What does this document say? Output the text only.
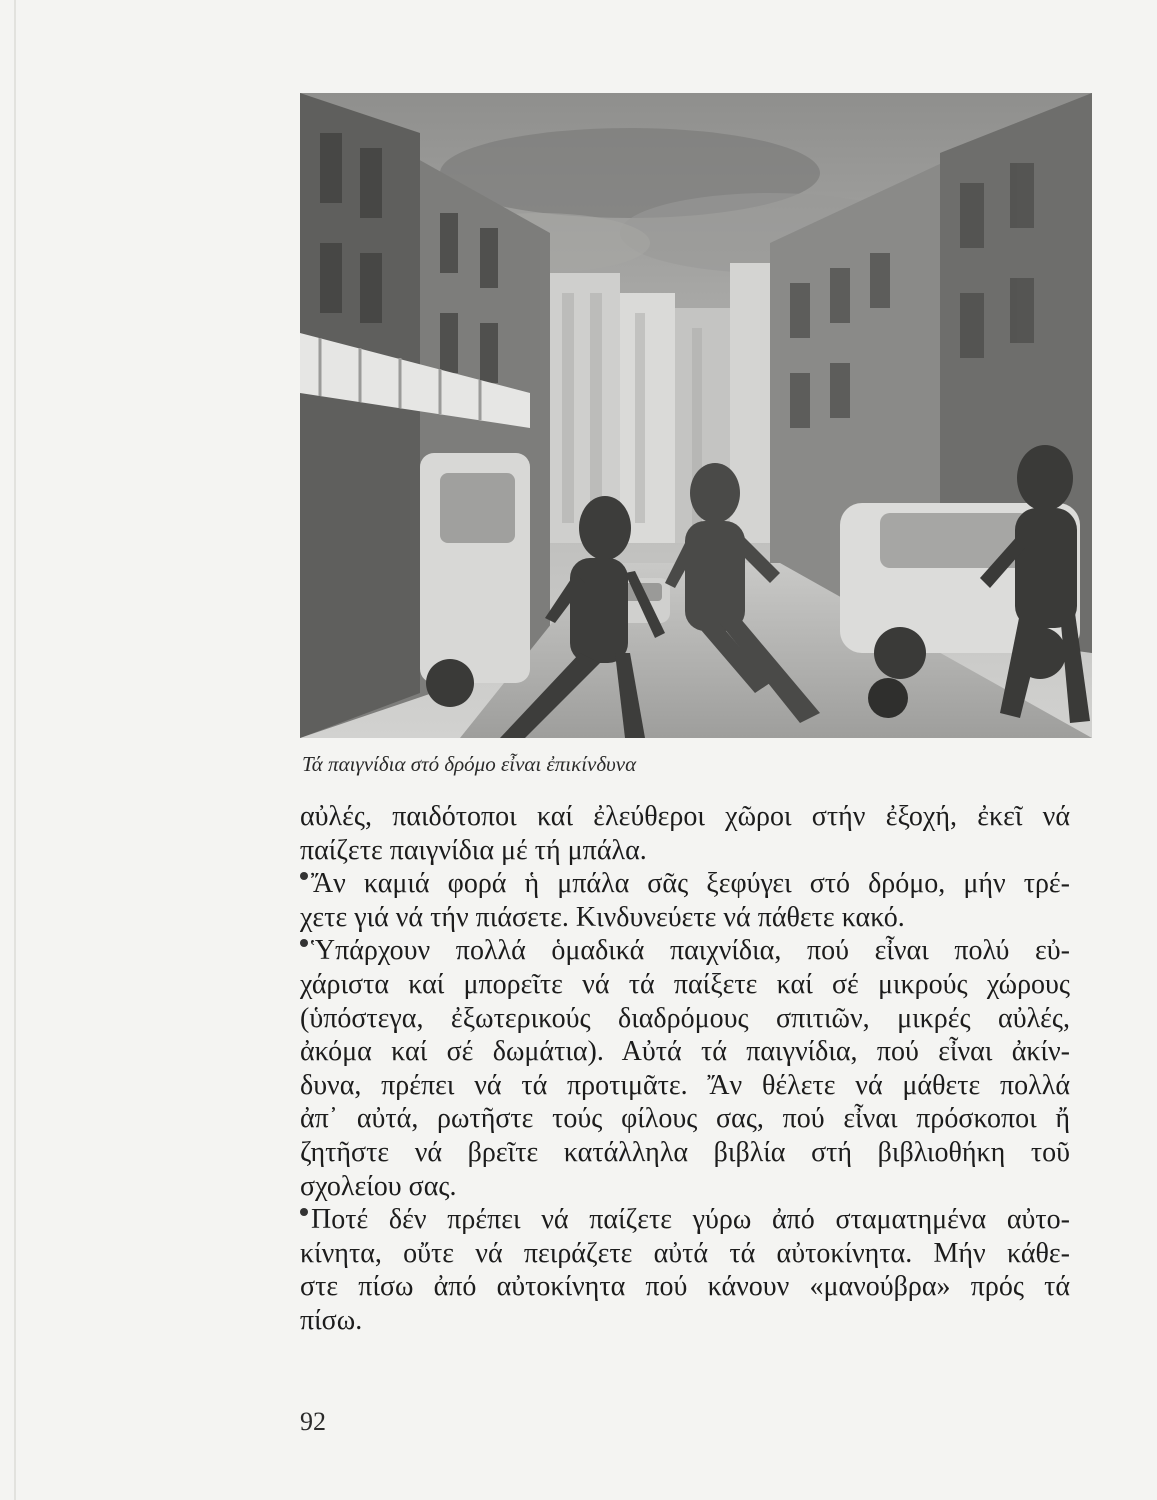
Τά παιγνίδια στό δρόμο εἶναι ἐπικίνδυνα
αὐλές, παιδότοποι καί ἐλεύθεροι χῶροι στήν ἐξοχή, ἐκεῖ νά
παίζετε παιγνίδια μέ τή μπάλα.
Ἄν καμιά φορά ἡ μπάλα σᾶς ξεφύγει στό δρόμο, μήν τρέ-
χετε γιά νά τήν πιάσετε. Κινδυνεύετε νά πάθετε κακό.
Ὑπάρχουν πολλά ὁμαδικά παιχνίδια, πού εἶναι πολύ εὐ-
χάριστα καί μπορεῖτε νά τά παίξετε καί σέ μικρούς χώρους
(ὑπόστεγα, ἐξωτερικούς διαδρόμους σπιτιῶν, μικρές αὐλές,
ἀκόμα καί σέ δωμάτια). Αὐτά τά παιγνίδια, πού εἶναι ἀκίν-
δυνα, πρέπει νά τά προτιμᾶτε. Ἄν θέλετε νά μάθετε πολλά
ἀπ᾿ αὐτά, ρωτῆστε τούς φίλους σας, πού εἶναι πρόσκοποι ἤ
ζητῆστε νά βρεῖτε κατάλληλα βιβλία στή βιβλιοθήκη τοῦ
σχολείου σας.
Ποτέ δέν πρέπει νά παίζετε γύρω ἀπό σταματημένα αὐτο-
κίνητα, οὔτε νά πειράζετε αὐτά τά αὐτοκίνητα. Μήν κάθε-
στε πίσω ἀπό αὐτοκίνητα πού κάνουν «μανούβρα» πρός τά
πίσω.
92
